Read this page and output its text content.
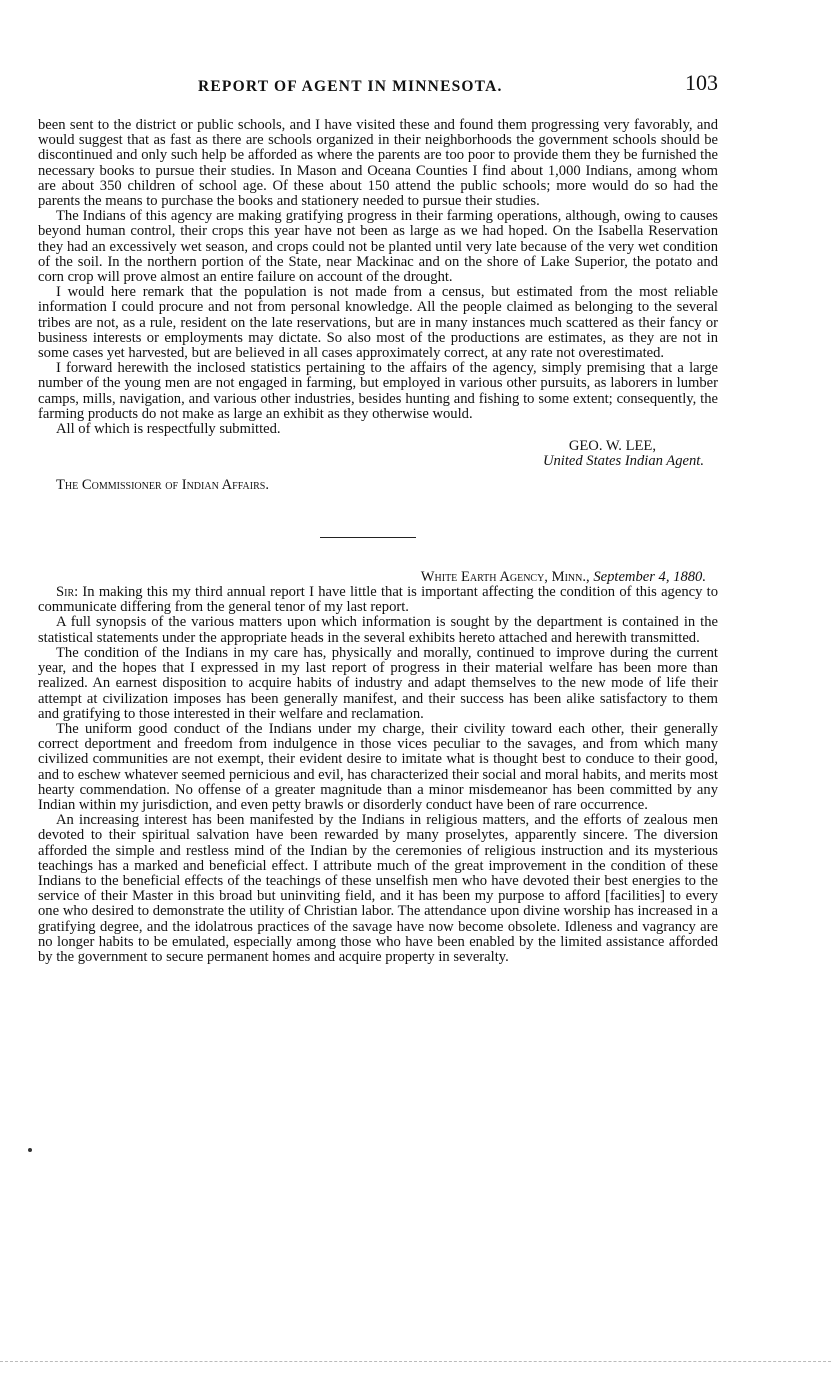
REPORT OF AGENT IN MINNESOTA.	103

been sent to the district or public schools, and I have visited these and found them progressing very favorably, and would suggest that as fast as there are schools organized in their neighborhoods the government schools should be discontinued and only such help be afforded as where the parents are too poor to provide them they be furnished the necessary books to pursue their studies. In Mason and Oceana Counties I find about 1,000 Indians, among whom are about 350 children of school age. Of these about 150 attend the public schools; more would do so had the parents the means to purchase the books and stationery needed to pursue their studies.

The Indians of this agency are making gratifying progress in their farming operations, although, owing to causes beyond human control, their crops this year have not been as large as we had hoped. On the Isabella Reservation they had an excessively wet season, and crops could not be planted until very late because of the very wet condition of the soil. In the northern portion of the State, near Mackinac and on the shore of Lake Superior, the potato and corn crop will prove almost an entire failure on account of the drought.

I would here remark that the population is not made from a census, but estimated from the most reliable information I could procure and not from personal knowledge. All the people claimed as belonging to the several tribes are not, as a rule, resident on the late reservations, but are in many instances much scattered as their fancy or business interests or employments may dictate. So also most of the productions are estimates, as they are not in some cases yet harvested, but are believed in all cases approximately correct, at any rate not overestimated.

I forward herewith the inclosed statistics pertaining to the affairs of the agency, simply premising that a large number of the young men are not engaged in farming, but employed in various other pursuits, as laborers in lumber camps, mills, navigation, and various other industries, besides hunting and fishing to some extent; consequently, the farming products do not make as large an exhibit as they otherwise would.

All of which is respectfully submitted.

GEO. W. LEE,
United States Indian Agent.
The Commissioner of Indian Affairs.
White Earth Agency, Minn., September 4, 1880.

Sir: In making this my third annual report I have little that is important affecting the condition of this agency to communicate differing from the general tenor of my last report.

A full synopsis of the various matters upon which information is sought by the department is contained in the statistical statements under the appropriate heads in the several exhibits hereto attached and herewith transmitted.

The condition of the Indians in my care has, physically and morally, continued to improve during the current year, and the hopes that I expressed in my last report of progress in their material welfare has been more than realized. An earnest disposition to acquire habits of industry and adapt themselves to the new mode of life their attempt at civilization imposes has been generally manifest, and their success has been alike satisfactory to them and gratifying to those interested in their welfare and reclamation.

The uniform good conduct of the Indians under my charge, their civility toward each other, their generally correct deportment and freedom from indulgence in those vices peculiar to the savages, and from which many civilized communities are not exempt, their evident desire to imitate what is thought best to conduce to their good, and to eschew whatever seemed pernicious and evil, has characterized their social and moral habits, and merits most hearty commendation. No offense of a greater magnitude than a minor misdemeanor has been committed by any Indian within my jurisdiction, and even petty brawls or disorderly conduct have been of rare occurrence.

An increasing interest has been manifested by the Indians in religious matters, and the efforts of zealous men devoted to their spiritual salvation have been rewarded by many proselytes, apparently sincere. The diversion afforded the simple and restless mind of the Indian by the ceremonies of religious instruction and its mysterious teachings has a marked and beneficial effect. I attribute much of the great improvement in the condition of these Indians to the beneficial effects of the teachings of these unselfish men who have devoted their best energies to the service of their Master in this broad but uninviting field, and it has been my purpose to afford [facilities] to every one who desired to demonstrate the utility of Christian labor. The attendance upon divine worship has increased in a gratifying degree, and the idolatrous practices of the savage have now become obsolete. Idleness and vagrancy are no longer habits to be emulated, especially among those who have been enabled by the limited assistance afforded by the government to secure permanent homes and acquire property in severalty.
